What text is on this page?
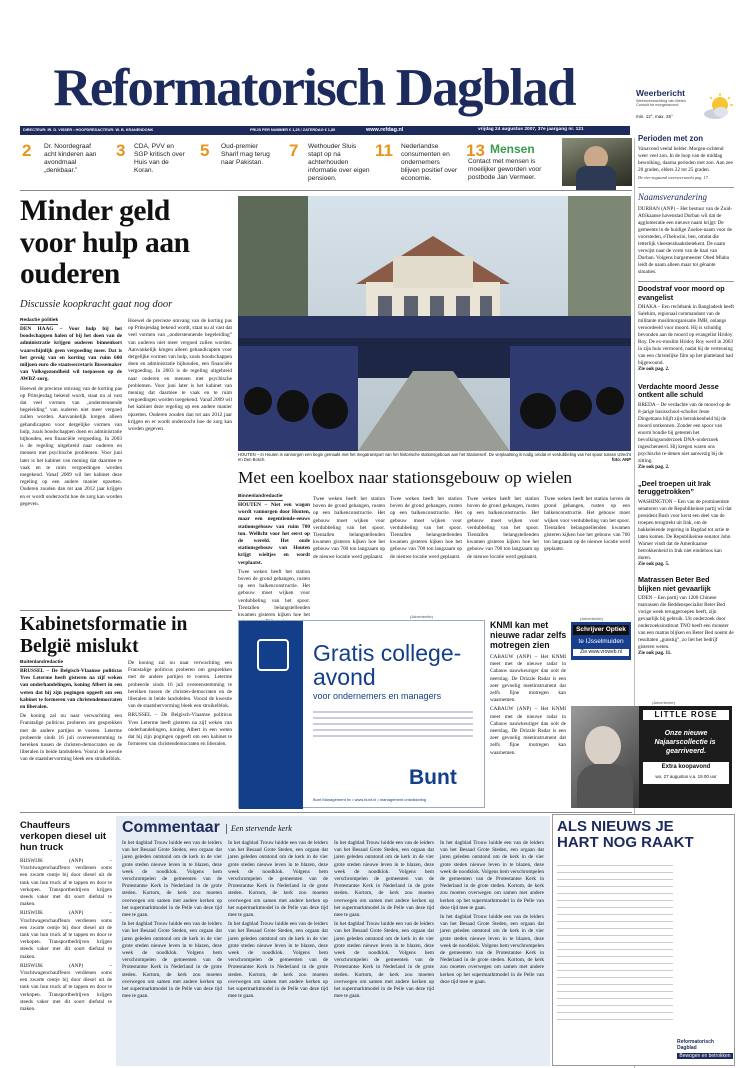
Reformatorisch Dagblad	Weerbericht
Weersverwachting van Meteo Consult tot morgenavond
min. 12°, max. 25°
DIRECTEUR: IR. D. VISSER • HOOFDREDACTEUR: W. B. KRANENDONK	PRIJS PER NUMMER € 1,25 / ZATERDAG € 1,85	www.refdag.nl	vrijdag 24 augustus 2007, 37e jaargang nr. 121
2 Dr. Noordegraaf acht kinderen aan avondmaal „denkbaar.”
3 CDA, PVV en SGP kritisch over Huis van de Koran.
5 Oud-premier Sharif mag terug naar Pakistan.
7 Wethouder Sluis stapt op na achterhouden informatie over eigen pensioen.
11 Nederlandse consumenten en ondernemers blijven positief over economie.
13 Mensen
Contact met mensen is moeilijker geworden voor postbode Jan Vermeer.
Perioden met zon
Vanavond veelal helder. Morgen-ochtend weer veel zon. In de loop van de middag bewolking, daarna perioden met zon. Aan zee 20 graden, elders 22 tot 25 graden.
De vier-ingstand weersverwacht pag. 17.
Naamsverandering
DURBAN (ANP) – Het bestuur van de Zuid-Afrikaanse havenstad Durban wil dat de agglomeratie een nieuwe naam krijgt: De gemeente in de huidige Zoeloe-naam voor de voorsteden, eThekwini, ben, omdat die letterlijk vleesteisbaaksbetekent. De naam verwijst naar de vorm van de baai van Durban. Volgens burgemeester Obed Mlaba leidt de naam alleen maar tot gênante situaties.
Doodstraf voor moord op evangelist
DHAKA – Een rechtbank in Bangladesh heeft Salehim, regionaal commandant van de militante moslimorganisatie JMB, onlangs veroordeeld voor moord. Hij is schuldig bevonden aan de moord op evangelist Hridoy Roy. De ex-moslim Hridoy Roy werd in 2003 in zijn huis vermoord, nadat hij de verteoning van een christelijke film op het platteland had bijgewoond.
Zie ook pag. 2.
Verdachte moord Jesse ontkent alle schuld
BREDA – De verdachte van de moord op de 8-jarige basisschool-scholier Jesse Dingemans blijft zijn betrokkenheid bij de moord ontkennen. Zonder een spoor van enorm bondie bij getesten het bevolkingsonderzoek DNA-onderzoek ingescheneerd. Hij kregen waren ons psychische re-denen niet aanwezig bij de zitting.
Zie ook pag. 2.
„Deel troepen uit Irak teruggetrokken”
WASHINGTON – Een van de prominentste senatoren van de Republikeinse partij wil dat president Bush voor kerst een deel van de troepen terugtrekt uit Irak, om de bakkeleiende regering in Bagdad tot actie te laten komen. De Republikeinse senator John Warner vindt dat de Amerikaanse betrokkenheid in Irak niet eindeloos kan duren.
Zie ook pag. 5.
Matrassen Beter Bed blijken niet gevaarlijk
UDEN – Een partij van 1200 Chinese matrassen die Beddenspecialist Beter Bed vorige week teruggeroepen heeft, zijn gevaarlijk bij gebruik. Uit onderzoek door onderzoeksinstituut TNO heeft een monster van een matras blijken en Beter Bed noemt de resultaten „gunstig”, zo liet het bedrijf gisteren weten.
Zie ook pag. 11.
Minder geld voor hulp aan ouderen
Discussie koopkracht gaat nog door
Redactie politiek

DEN HAAG – Voor hulp bij het boodschappen halen of bij het doen van de administratie krijgen ouderen binnenkort waarschijnlijk geen vergoeding meer. Dat is het gevolg van en korting van ruim 600 miljoen euro die staatssecretaris Bussemaker van Volksgezondheid wil toepassen op de AWBZ-zorg.

Hoewel de precieze omvang van de korting pas op Prinsjesdag bekend wordt, staat nu al vast dat veel vormen van „ondersteunende begeleiding” van ouderen niet meer vergoed zullen worden. Aanvankelijk kregen alleen gehandicapten voor dergelijke vormen van hulp, zoals boodschappen doen en administratie bijhouden, een financiële vergoeding. In 2003 is de regeling uitgebreid naar ouderen en mensen met psychische problemen. Voor juni later is het kabinet van mening dat daarmee te vaak en te ruim vergoedingen worden toegekend. Vanaf 2009 wil het kabinet deze regeling op een andere manier opzetten. Ouderen zouden dan tot aan 2012 jaar krijgen en er wordt onderzocht hoe de zorg kan worden gegeven.

Hoewel de precieze omvang van de korting pas op Prinsjesdag bekend wordt, staat nu al vast dat veel vormen van „ondersteunende begeleiding” van ouderen niet meer vergoed zullen worden. Aanvankelijk kregen alleen gehandicapten voor dergelijke vormen van hulp, zoals boodschappen doen en administratie bijhouden, een financiële vergoeding. In 2003 is de regeling uitgebreid naar ouderen en mensen met psychische problemen. Voor juni later is het kabinet van mening dat daarmee te vaak en te ruim vergoedingen worden toegekend. Vanaf 2009 wil het kabinet deze regeling op een andere manier opzetten. Ouderen zouden dan tot aan 2012 jaar krijgen en er wordt onderzocht hoe de zorg kan worden gegeven.

HOUTEN – In Houten is vannorgen een begin gemaakt met het megatransport van het historische stationsgebouw aan het Stationserf. De verplaatsing is nodig omdat er verdubbeling van het spoor tussen Utrecht en Den Bosch.	foto: ANP
Met een koelbox naar stationsgebouw op wielen
Binnenlandredactie

HOUTEN – Niet een wagon wordt vannorgen door Houten, maar een negentiende-eeuws stationsgebouw van ruim 700 ton. Wellicht voor het eerst op de wereld. Het oude stationsgebouw van Houten krijgt wieltjes en wordt verplaatst.

Twee weken heeft het station boven de grond gehangen, rusten op een balkenconstructie. Het gebouw moet wijken voor verdubbeling van het spoor. Tientallen belangstellenden kwamen gisteren kijken hoe het

Twee weken heeft het station boven de grond gehangen, rusten op een balkenconstructie. Het gebouw moet wijken voor verdubbeling van het spoor. Tientallen belangstellenden kwamen gisteren kijken hoe het gebouw van 700 ton langzaam op de nieuwe locatie werd geplaatst.

Twee weken heeft het station boven de grond gehangen, rusten op een balkenconstructie. Het gebouw moet wijken voor verdubbeling van het spoor. Tientallen belangstellenden kwamen gisteren kijken hoe het gebouw van 700 ton langzaam op de nieuwe locatie werd geplaatst.

Twee weken heeft het station boven de grond gehangen, rusten op een balkenconstructie. Het gebouw moet wijken voor verdubbeling van het spoor. Tientallen belangstellenden kwamen gisteren kijken hoe het gebouw van 700 ton langzaam op de nieuwe locatie werd geplaatst.

Twee weken heeft het station boven de grond gehangen, rusten op een balkenconstructie. Het gebouw moet wijken voor verdubbeling van het spoor. Tientallen belangstellenden kwamen gisteren kijken hoe het gebouw van 700 ton langzaam op de nieuwe locatie werd geplaatst.

Kabinetsformatie in België mislukt
Buitenlandredactie

BRUSSEL – De Belgisch-Vlaamse politicus Yves Leterme heeft gisteren na zijf weken van onderhandelingen, koning Albert in een weten dat hij zijn pogingen opgeeft om een kabinet te formeren van christendemocraten en liberalen.

De koning zal nu naar verwachting een Franstalige politicus proberen om gesprekken met de andere partijen te voeren. Leterme probeerde sinds 16 juli overeenstemming te bereiken tussen de christen-democraten en de liberalen in beide landsdelen. Vooral de kwestie van de staatshervorming bleek een struikelblok.

De koning zal nu naar verwachting een Franstalige politicus proberen om gesprekken met de andere partijen te voeren. Leterme probeerde sinds 16 juli overeenstemming te bereiken tussen de christen-democraten en de liberalen in beide landsdelen. Vooral de kwestie van de staatshervorming bleek een struikelblok.

BRUSSEL – De Belgisch-Vlaamse politicus Yves Leterme heeft gisteren na zijf weken van onderhandelingen, koning Albert in een weten dat hij zijn pogingen opgeeft om een kabinet te formeren van christendemocraten en liberalen.

(Advertentie)
Gratis college-avond
voor ondernemers en managers
Bunt
Bunt Management bv • www.bunt.nl • management ontwikkeling
KNMI kan met nieuwe radar zelfs motregen zien

CABAUW (ANP) – Het KNMI meet met de nieuwe radar in Cabauw nauwkeuriger dan ooit de neerslag. De Drizzle Radar is een zeer gevoelig meetinstrument dat zelfs fijne motregen kan waarnemen.

CABAUW (ANP) – Het KNMI meet met de nieuwe radar in Cabauw nauwkeuriger dan ooit de neerslag. De Drizzle Radar is een zeer gevoelig meetinstrument dat zelfs fijne motregen kan waarnemen.

(Advertentie)
Schrijver Optiek
te IJsselmuiden
Zie www.vroweb.nl
(Advertentie)
LITTLE ROSE
Onze nieuwe
Najaarscollectie is
gearriveerd.
Extra koopavond
wo. 27 augustus v.a. 19.00 uur
Chauffeurs verkopen diesel uit hun truck

RIJSWIJK (ANP) – Vrachtwagenchauffeurs verdienen soms een zwarte centje bij door diesel uit de tank van hun truck af te tappen en door te verkopen. Transportbedrijven krijgen steeds vaker met dit soort diefstal te maken.

RIJSWIJK (ANP) – Vrachtwagenchauffeurs verdienen soms een zwarte centje bij door diesel uit de tank van hun truck af te tappen en door te verkopen. Transportbedrijven krijgen steeds vaker met dit soort diefstal te maken.

RIJSWIJK (ANP) – Vrachtwagenchauffeurs verdienen soms een zwarte centje bij door diesel uit de tank van hun truck af te tappen en door te verkopen. Transportbedrijven krijgen steeds vaker met dit soort diefstal te maken.

Commentaar	Een stervende kerk

In het dagblad Trouw luidde een van de leiders van het Besaad Grote Steden, een orgaan dat jaren geleden ontstond om de kerk in de vier grote steden nieuwe leven in te blazen, deze week de noodklok. Volgens hem verschrompelen de gemeenten van de Protestantse Kerk in Nederland in de grote steden. Kortom, de kerk zou moeten overwegen om samen met andere kerken op het supermarktmodel in de Pelle van deze tijd mee te gaan.

In het dagblad Trouw luidde een van de leiders van het Besaad Grote Steden, een orgaan dat jaren geleden ontstond om de kerk in de vier grote steden nieuwe leven in te blazen, deze week de noodklok. Volgens hem verschrompelen de gemeenten van de Protestantse Kerk in Nederland in de grote steden. Kortom, de kerk zou moeten overwegen om samen met andere kerken op het supermarktmodel in de Pelle van deze tijd mee te gaan.

In het dagblad Trouw luidde een van de leiders van het Besaad Grote Steden, een orgaan dat jaren geleden ontstond om de kerk in de vier grote steden nieuwe leven in te blazen, deze week de noodklok. Volgens hem verschrompelen de gemeenten van de Protestantse Kerk in Nederland in de grote steden. Kortom, de kerk zou moeten overwegen om samen met andere kerken op het supermarktmodel in de Pelle van deze tijd mee te gaan.

In het dagblad Trouw luidde een van de leiders van het Besaad Grote Steden, een orgaan dat jaren geleden ontstond om de kerk in de vier grote steden nieuwe leven in te blazen, deze week de noodklok. Volgens hem verschrompelen de gemeenten van de Protestantse Kerk in Nederland in de grote steden. Kortom, de kerk zou moeten overwegen om samen met andere kerken op het supermarktmodel in de Pelle van deze tijd mee te gaan.

In het dagblad Trouw luidde een van de leiders van het Besaad Grote Steden, een orgaan dat jaren geleden ontstond om de kerk in de vier grote steden nieuwe leven in te blazen, deze week de noodklok. Volgens hem verschrompelen de gemeenten van de Protestantse Kerk in Nederland in de grote steden. Kortom, de kerk zou moeten overwegen om samen met andere kerken op het supermarktmodel in de Pelle van deze tijd mee te gaan.

In het dagblad Trouw luidde een van de leiders van het Besaad Grote Steden, een orgaan dat jaren geleden ontstond om de kerk in de vier grote steden nieuwe leven in te blazen, deze week de noodklok. Volgens hem verschrompelen de gemeenten van de Protestantse Kerk in Nederland in de grote steden. Kortom, de kerk zou moeten overwegen om samen met andere kerken op het supermarktmodel in de Pelle van deze tijd mee te gaan.

In het dagblad Trouw luidde een van de leiders van het Besaad Grote Steden, een orgaan dat jaren geleden ontstond om de kerk in de vier grote steden nieuwe leven in te blazen, deze week de noodklok. Volgens hem verschrompelen de gemeenten van de Protestantse Kerk in Nederland in de grote steden. Kortom, de kerk zou moeten overwegen om samen met andere kerken op het supermarktmodel in de Pelle van deze tijd mee te gaan.

In het dagblad Trouw luidde een van de leiders van het Besaad Grote Steden, een orgaan dat jaren geleden ontstond om de kerk in de vier grote steden nieuwe leven in te blazen, deze week de noodklok. Volgens hem verschrompelen de gemeenten van de Protestantse Kerk in Nederland in de grote steden. Kortom, de kerk zou moeten overwegen om samen met andere kerken op het supermarktmodel in de Pelle van deze tijd mee te gaan.

ALS NIEUWS JE HART NOG RAAKT
Reformatorisch Dagblad
Bewogen en betrokken
